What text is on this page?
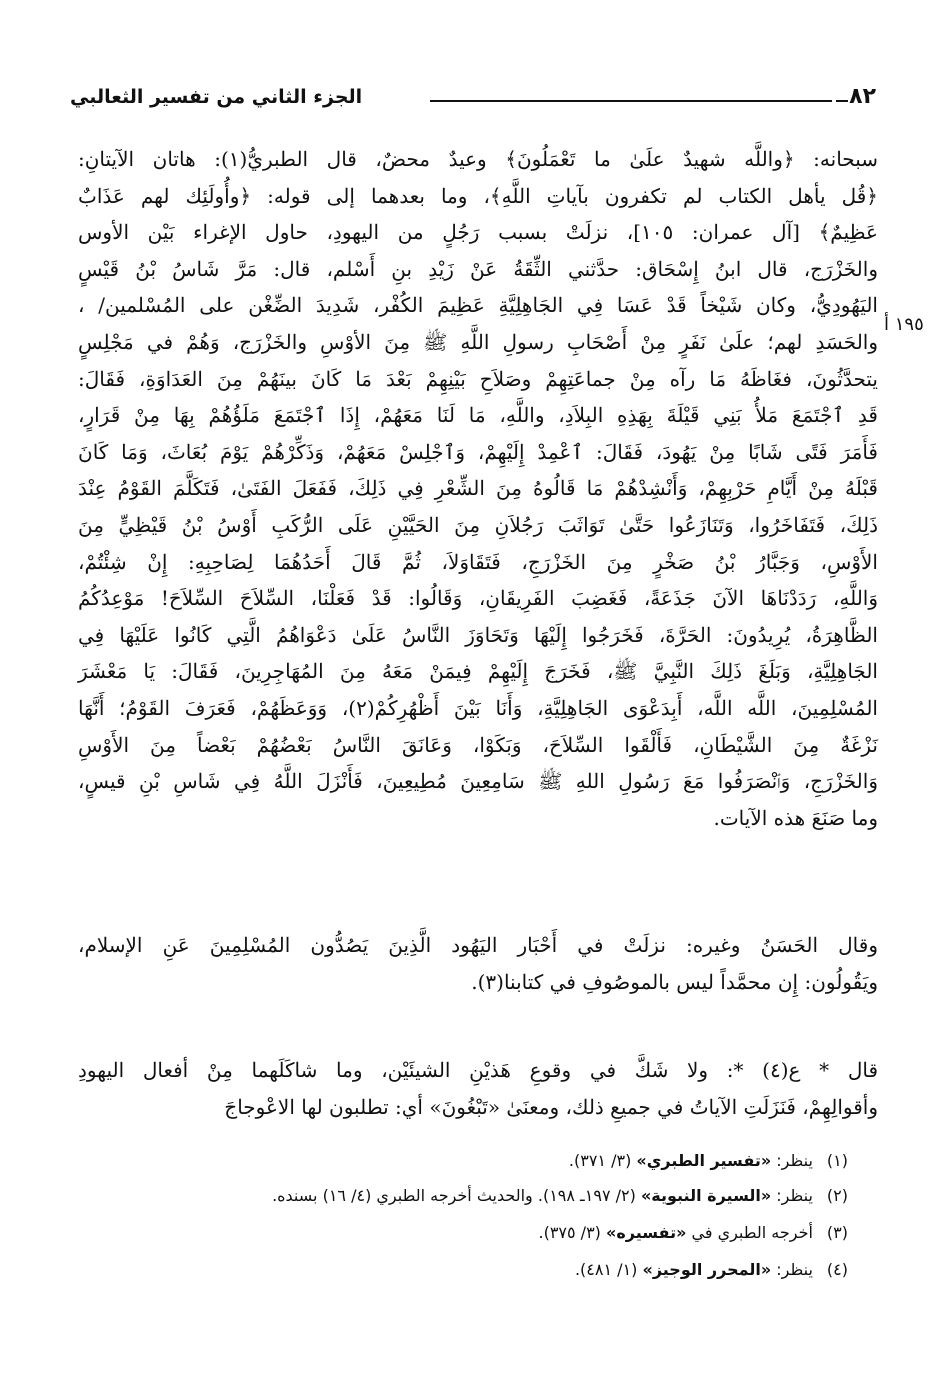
٨٢
الجزء الثاني من تفسير الثعالبي
١٩٥ أ
سبحانه: ﴿واللَّه شهيدٌ علَىٰ ما تَعْمَلُونَ﴾ وعيدٌ محضٌ، قال الطبريُّ(١): هاتان الآيتانِ:
﴿قُل يأهل الكتاب لم تكفرون بآياتِ اللَّهِ﴾، وما بعدهما إلى قوله: ﴿وأُولَئِك لهم عَذَابٌ
عَظِيمٌ﴾ [آل عمران: ١٠٥]، نزلَتْ بسبب رَجُلٍ من اليهودِ، حاول الإغراء بَيْن الأوس
والخَزْرَج، قال ابنُ إِسْحَاق: حدَّثني الثِّقَةُ عَنْ زَيْدِ بنِ أَسْلم، قال: مَرَّ شَاسُ بْنُ قَيْسٍ
اليَهُودِيُّ، وكان شَيْخاً قَدْ عَسَا فِي الجَاهِلِيَّةِ عَظِيمَ الكُفْر، شَدِيدَ الضِّغْن على المُسْلمين/ ،
والحَسَدِ لهم؛ علَىٰ نَفَرٍ مِنْ أَصْحَابِ رسولِ اللَّهِ ﷺ مِنَ الأوْسِ والخَزْرَج، وَهُمْ في مَجْلِسٍ
يتحدَّثُونَ، فغَاظَهُ مَا رآه مِنْ جماعَتِهِمْ وصَلاَحِ بَيْنِهِمْ بَعْدَ مَا كَانَ بينَهُمْ مِنَ العَدَاوَةِ، فَقَالَ:
قَدِ ٱجْتَمَعَ مَلأُ بَنِي قَيْلَةَ بِهَذِهِ البِلاَدِ، واللَّهِ، مَا لَنَا مَعَهُمْ، إِذَا ٱجْتَمَعَ مَلَؤُهُمْ بِهَا مِنْ قَرَارٍ،
فَأَمَرَ فَتًى شَابًا مِنْ يَهُودَ، فَقَالَ: ٱعْمِدْ إِلَيْهِمْ، وَٱجْلِسْ مَعَهُمْ، وَذَكِّرْهُمْ يَوْمَ بُعَاثَ، وَمَا كَانَ
قَبْلَهُ مِنْ أَيَّامِ حَرْبِهِمْ، وَأَنْشِدْهُمْ مَا قَالُوهُ مِنَ الشِّعْرِ فِي ذَلِكَ، فَفَعَلَ الفَتَىٰ، فَتَكَلَّمَ القَوْمُ عِنْدَ
ذَلِكَ، فَتَفَاخَرُوا، وَتَنَازَعُوا حَتَّىٰ تَوَاثَبَ رَجُلاَنِ مِنَ الحَيَّيْنِ عَلَى الرُّكَبِ أَوْسُ بْنُ قَيْظِيٍّ مِنَ
الأَوْسِ، وَجَبَّارُ بْنُ صَخْرٍ مِنَ الخَزْرَجِ، فَتَقَاوَلاَ، ثُمَّ قَالَ أَحَدُهُمَا لِصَاحِبِهِ: إِنْ شِئْتُمْ،
وَاللَّهِ، رَدَدْنَاهَا الآنَ جَذَعَةً، فَغَضِبَ الفَرِيقَانِ، وَقَالُوا: قَدْ فَعَلْنَا، السِّلاَحَ السِّلاَحَ! مَوْعِدُكُمُ
الظَّاهِرَةُ، يُرِيدُونَ: الحَرَّةَ، فَخَرَجُوا إِلَيْهَا وَتَحَاوَزَ النَّاسُ عَلَىٰ دَعْوَاهُمُ الَّتِي كَانُوا عَلَيْهَا فِي
الجَاهِلِيَّةِ، وَبَلَغَ ذَلِكَ النَّبِيَّ ﷺ، فَخَرَجَ إِلَيْهِمْ فِيمَنْ مَعَهُ مِنَ المُهَاجِرِينَ، فَقَالَ: يَا مَعْشَرَ
المُسْلِمِينَ، اللَّه اللَّه، أَبِدَعْوَى الجَاهِلِيَّةِ، وَأَنَا بَيْنَ أَظْهُرِكُمْ(٢)، وَوَعَظَهُمْ، فَعَرَفَ القَوْمُ؛ أَنَّهَا
نَزْغَةٌ مِنَ الشَّيْطَانِ، فَأَلْقَوا السِّلاَحَ، وَبَكَوْا، وَعَانَقَ النَّاسُ بَعْضُهُمْ بَعْضاً مِنَ الأَوْسِ
وَالخَزْرَجِ، وَٱنْصَرَفُوا مَعَ رَسُولِ اللهِ ﷺ سَامِعِينَ مُطِيعِينَ، فَأَنْزَلَ اللَّهُ فِي شَاسِ بْنِ قيسٍ،
وما صَنَعَ هذه الآيات.
وقال الحَسَنُ وغيره: نزلَتْ في أَحْبَار اليَهُود الَّذِينَ يَصُدُّون المُسْلِمِينَ عَنِ الإسلام،
ويَقُولُون: إِن محمَّداً ليس بالموصُوفِ في كتابنا(٣).
قال * ع(٤) *: ولا شَكَّ في وقوعِ هَذيْنِ الشيئَيْن، وما شاكَلَهما مِنْ أفعال اليهودِ
وأقوالِهِمْ، فَنَزَلَتِ الآياتُ في جميعِ ذلك، ومعنَىٰ «تَبْغُونَ» أي: تطلبون لها الاعْوجاجَ
(١)ينظر: «تفسير الطبري» (٣/ ٣٧١).
(٢)ينظر: «السيرة النبوية» (٢/ ١٩٧ـ ١٩٨). والحديث أخرجه الطبري (٤/ ١٦) بسنده.
(٣)أخرجه الطبري في «تفسيره» (٣/ ٣٧٥).
(٤)ينظر: «المحرر الوجيز» (١/ ٤٨١).
